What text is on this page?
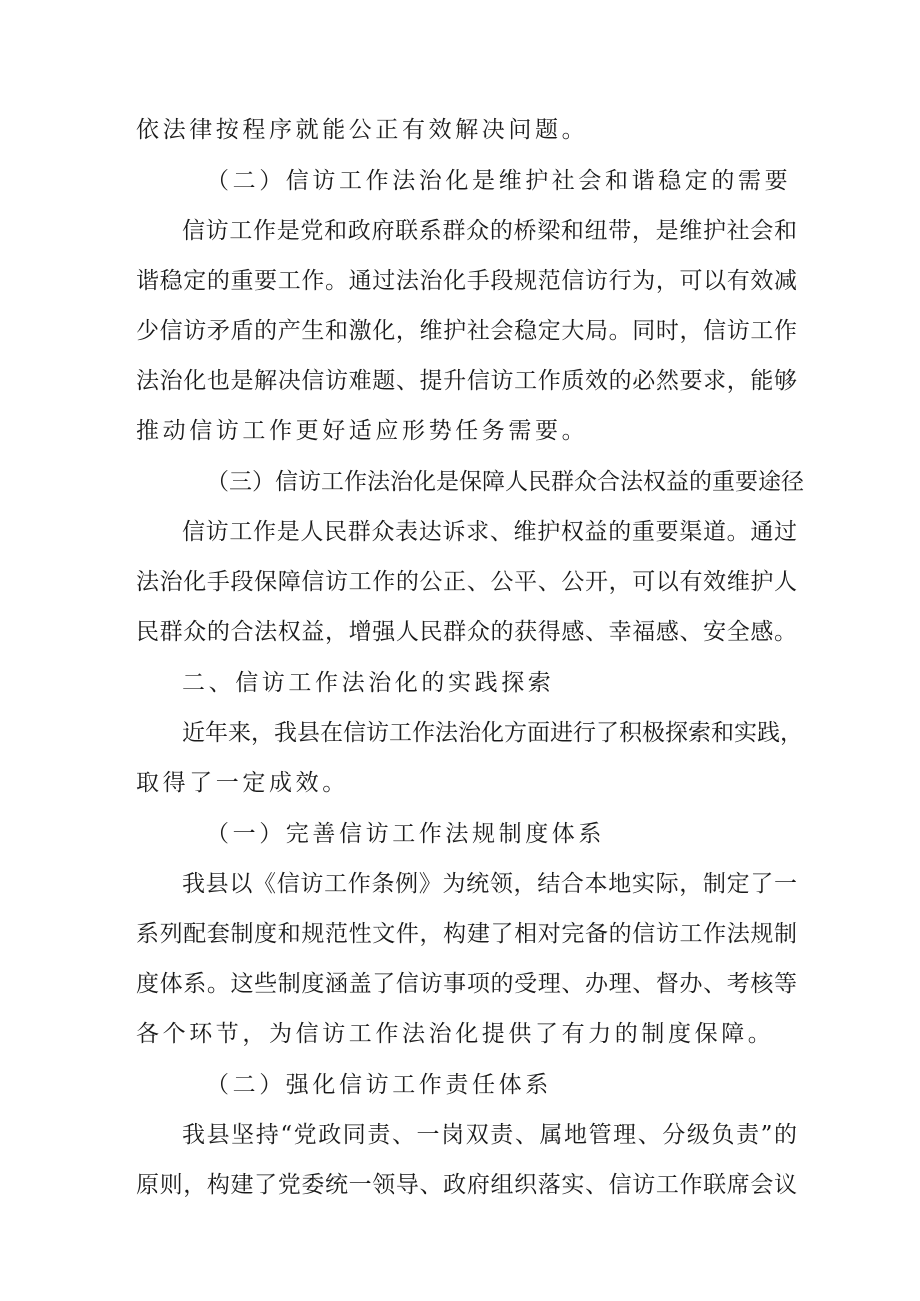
依法律按程序就能公正有效解决问题。
（二）信访工作法治化是维护社会和谐稳定的需要
信访工作是党和政府联系群众的桥梁和纽带，是维护社会和
谐稳定的重要工作。通过法治化手段规范信访行为，可以有效减
少信访矛盾的产生和激化，维护社会稳定大局。同时，信访工作
法治化也是解决信访难题、提升信访工作质效的必然要求，能够
推动信访工作更好适应形势任务需要。
（三）信访工作法治化是保障人民群众合法权益的重要途径
信访工作是人民群众表达诉求、维护权益的重要渠道。通过
法治化手段保障信访工作的公正、公平、公开，可以有效维护人
民群众的合法权益，增强人民群众的获得感、幸福感、安全感。
二、信访工作法治化的实践探索
近年来，我县在信访工作法治化方面进行了积极探索和实践，
取得了一定成效。
（一）完善信访工作法规制度体系
我县以《信访工作条例》为统领，结合本地实际，制定了一
系列配套制度和规范性文件，构建了相对完备的信访工作法规制
度体系。这些制度涵盖了信访事项的受理、办理、督办、考核等
各个环节，为信访工作法治化提供了有力的制度保障。
（二）强化信访工作责任体系
我县坚持“党政同责、一岗双责、属地管理、分级负责”的
原则，构建了党委统一领导、政府组织落实、信访工作联席会议
